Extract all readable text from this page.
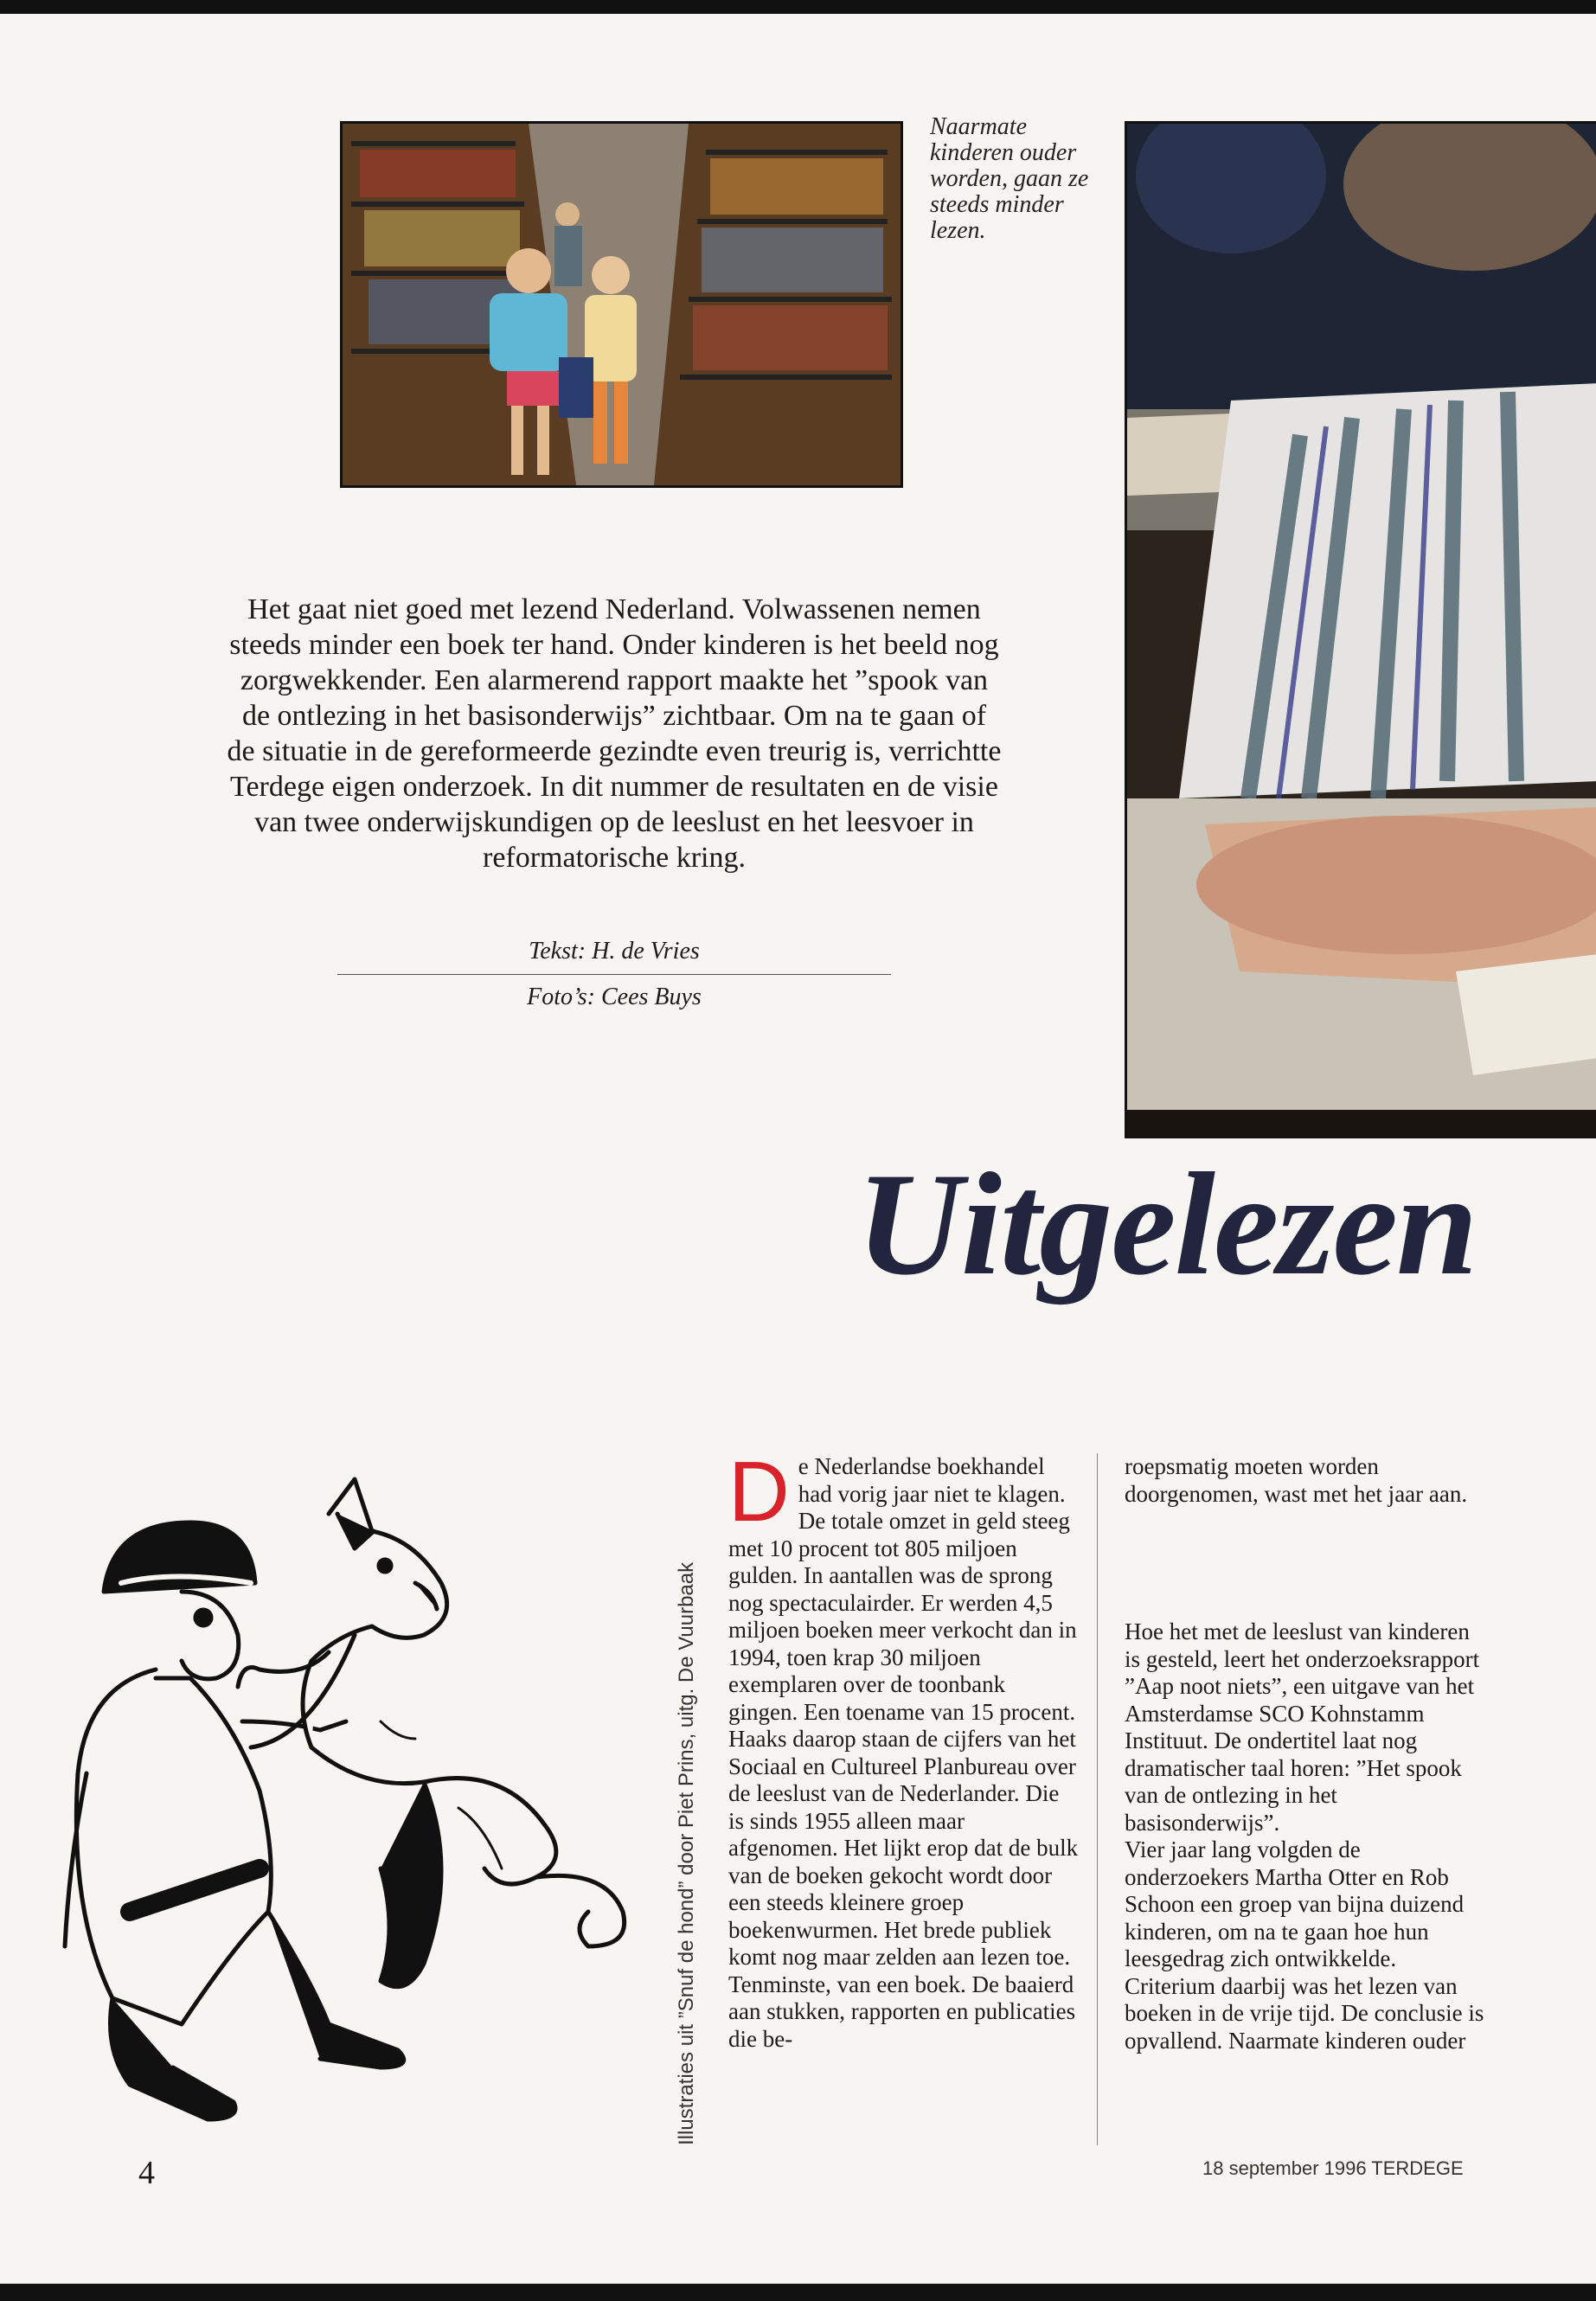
Naarmate kinderen ouder worden, gaan ze steeds minder lezen.
Het gaat niet goed met lezend Nederland. Volwassenen nemen steeds minder een boek ter hand. Onder kinderen is het beeld nog zorgwekkender. Een alarmerend rapport maakte het ”spook van de ontlezing in het basisonderwijs” zichtbaar. Om na te gaan of de situatie in de gereformeerde gezindte even treurig is, verrichtte Terdege eigen onderzoek. In dit nummer de resultaten en de visie van twee onderwijskundigen op de leeslust en het leesvoer in reformatorische kring.
Tekst: H. de Vries
Foto’s: Cees Buys
Uitgelezen
Illustraties uit ”Snuf de hond” door Piet Prins, uitg. De Vuurbaak
D e Nederlandse boekhandel had vorig jaar niet te klagen. De totale omzet in geld steeg met 10 procent tot 805 miljoen gulden. In aantallen was de sprong nog spectaculairder. Er werden 4,5 miljoen boeken meer verkocht dan in 1994, toen krap 30 miljoen exemplaren over de toonbank gingen. Een toename van 15 procent. Haaks daarop staan de cijfers van het Sociaal en Cultureel Planbureau over de leeslust van de Nederlander. Die is sinds 1955 alleen maar afgenomen. Het lijkt erop dat de bulk van de boeken gekocht wordt door een steeds kleinere groep boekenwurmen. Het brede publiek komt nog maar zelden aan lezen toe. Tenminste, van een boek. De baaierd aan stukken, rapporten en publicaties die be-

roepsmatig moeten worden doorgenomen, wast met het jaar aan.

Hoe het met de leeslust van kinderen is gesteld, leert het onderzoeksrapport ”Aap noot niets”, een uitgave van het Amsterdamse SCO Kohnstamm Instituut. De ondertitel laat nog dramatischer taal horen: ”Het spook van de ontlezing in het basisonderwijs”.

Vier jaar lang volgden de onderzoekers Martha Otter en Rob Schoon een groep van bijna duizend kinderen, om na te gaan hoe hun leesgedrag zich ontwikkelde. Criterium daarbij was het lezen van boeken in de vrije tijd. De conclusie is opvallend. Naarmate kinderen ouder

4	18 september 1996 TERDEGE
